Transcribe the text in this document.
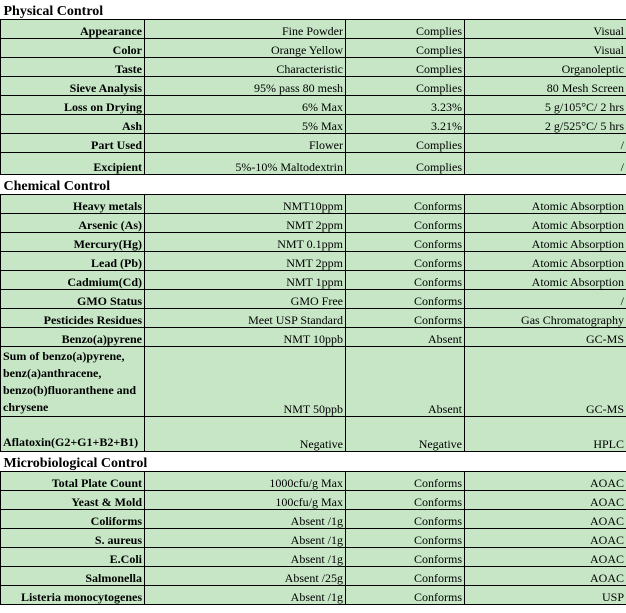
Physical Control			
Appearance	Fine Powder	Complies	Visual
Color	Orange Yellow	Complies	Visual
Taste	Characteristic	Complies	Organoleptic
Sieve Analysis	95% pass 80 mesh	Complies	80 Mesh Screen
Loss on Drying	6% Max	3.23%	5 g/105°C/ 2 hrs
Ash	5% Max	3.21%	2 g/525°C/ 5 hrs
Part Used	Flower	Complies	/
Excipient	5%-10% Maltodextrin	Complies	/
Chemical Control			
Heavy metals	NMT10ppm	Conforms	Atomic Absorption
Arsenic (As)	NMT 2ppm	Conforms	Atomic Absorption
Mercury(Hg)	NMT 0.1ppm	Conforms	Atomic Absorption
Lead (Pb)	NMT 2ppm	Conforms	Atomic Absorption
Cadmium(Cd)	NMT 1ppm	Conforms	Atomic Absorption
GMO Status	GMO Free	Conforms	/
Pesticides Residues	Meet USP Standard	Conforms	Gas Chromatography
Benzo(a)pyrene	NMT 10ppb	Absent	GC-MS
Sum of benzo(a)pyrene, benz(a)anthracene, benzo(b)fluoranthene and chrysene	NMT 50ppb	Absent	GC-MS
Aflatoxin(G2+G1+B2+B1)	Negative	Negative	HPLC
Microbiological Control			
Total Plate Count	1000cfu/g Max	Conforms	AOAC
Yeast & Mold	100cfu/g Max	Conforms	AOAC
Coliforms	Absent /1g	Conforms	AOAC
S. aureus	Absent /1g	Conforms	AOAC
E.Coli	Absent /1g	Conforms	AOAC
Salmonella	Absent /25g	Conforms	AOAC
Listeria monocytogenes	Absent /1g	Conforms	USP
